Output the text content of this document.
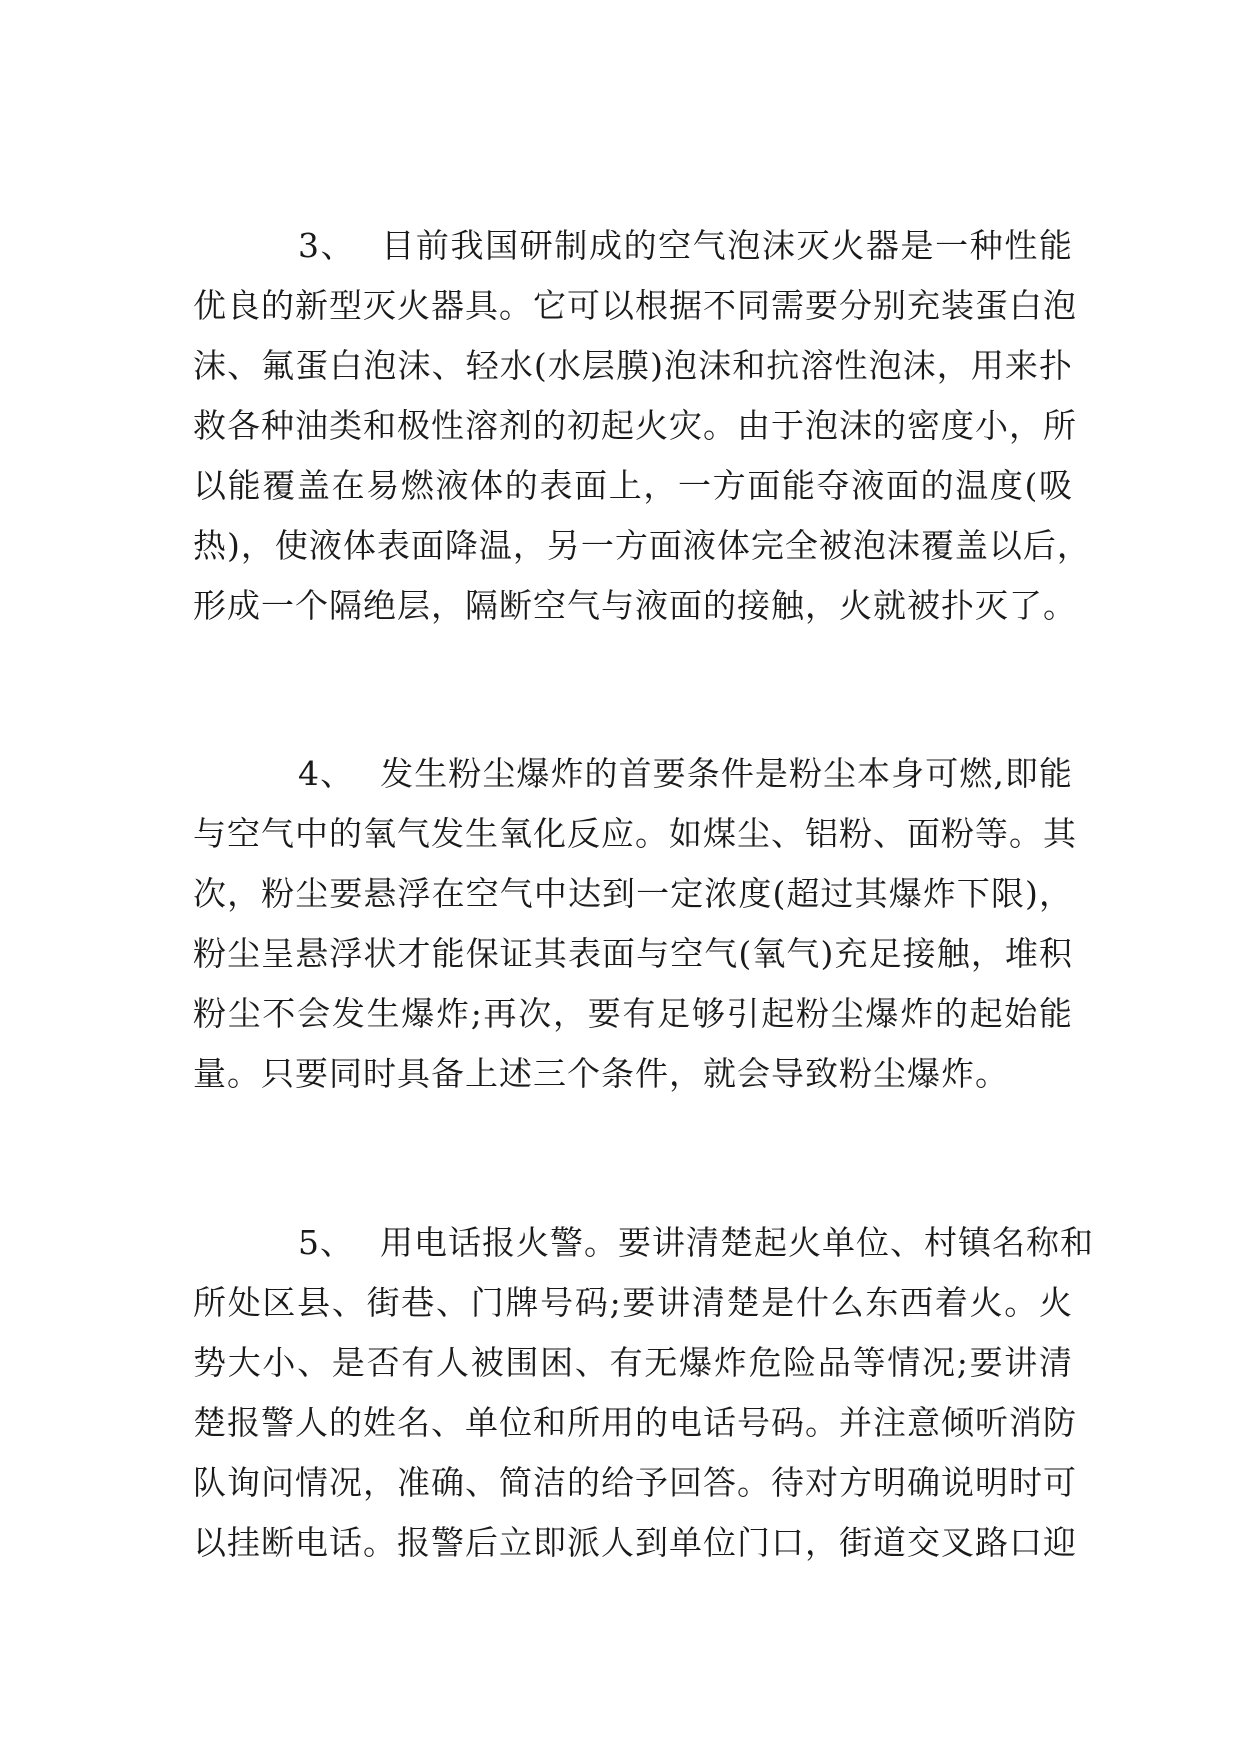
3、 目前我国研制成的空气泡沫灭火器是一种性能
优良的新型灭火器具。它可以根据不同需要分别充装蛋白泡
沫、氟蛋白泡沫、轻水(水层膜)泡沫和抗溶性泡沫，用来扑
救各种油类和极性溶剂的初起火灾。由于泡沫的密度小，所
以能覆盖在易燃液体的表面上，一方面能夺液面的温度(吸
热)，使液体表面降温，另一方面液体完全被泡沫覆盖以后，
形成一个隔绝层，隔断空气与液面的接触，火就被扑灭了。
4、 发生粉尘爆炸的首要条件是粉尘本身可燃,即能
与空气中的氧气发生氧化反应。如煤尘、铝粉、面粉等。其
次，粉尘要悬浮在空气中达到一定浓度(超过其爆炸下限)，
粉尘呈悬浮状才能保证其表面与空气(氧气)充足接触，堆积
粉尘不会发生爆炸;再次，要有足够引起粉尘爆炸的起始能
量。只要同时具备上述三个条件，就会导致粉尘爆炸。
5、 用电话报火警。要讲清楚起火单位、村镇名称和
所处区县、街巷、门牌号码;要讲清楚是什么东西着火。火
势大小、是否有人被围困、有无爆炸危险品等情况;要讲清
楚报警人的姓名、单位和所用的电话号码。并注意倾听消防
队询问情况，准确、简洁的给予回答。待对方明确说明时可
以挂断电话。报警后立即派人到单位门口，街道交叉路口迎
